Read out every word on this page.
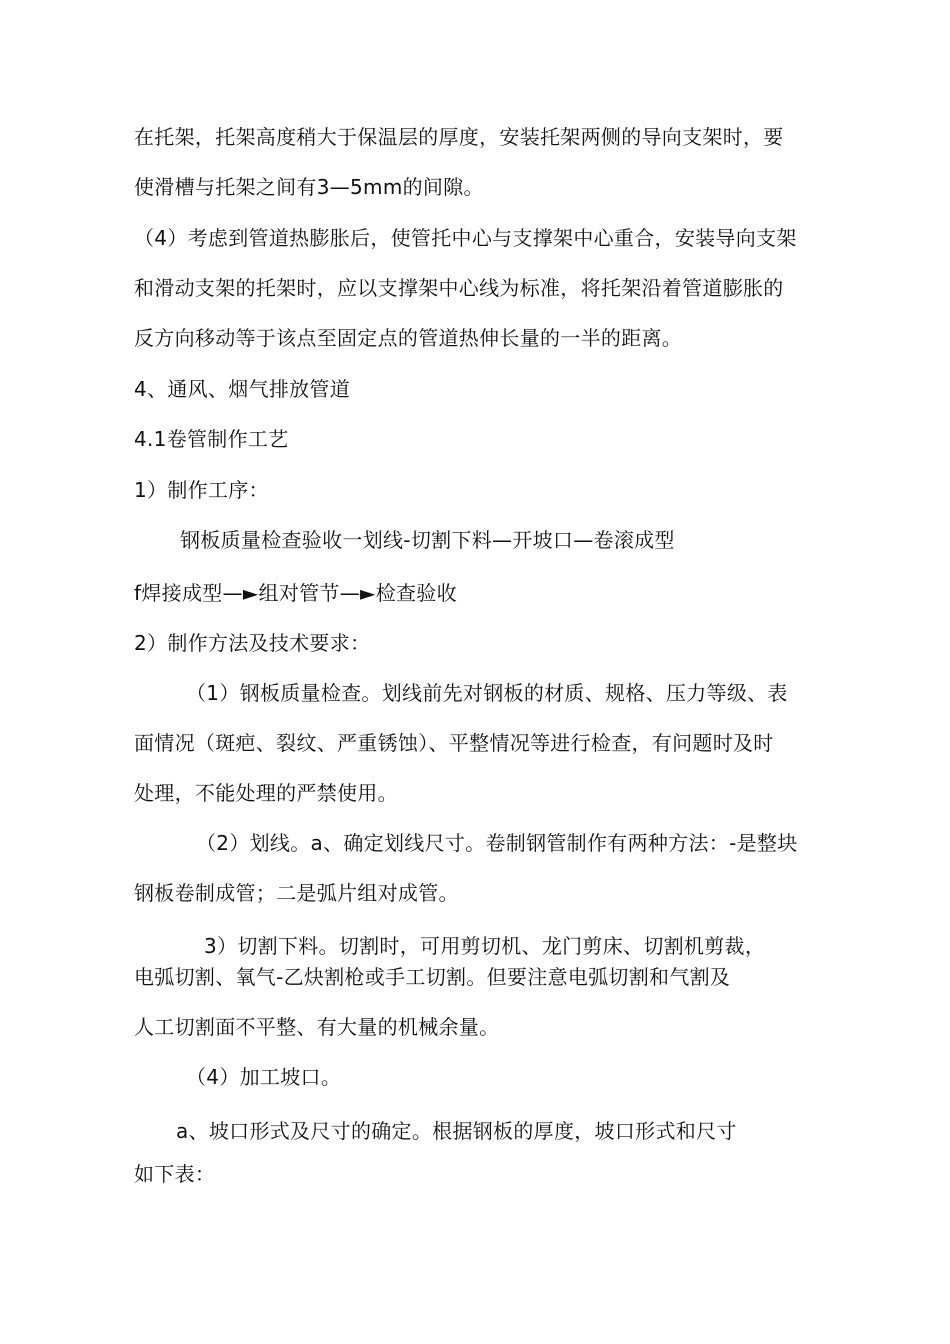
在托架，托架高度稍大于保温层的厚度，安装托架两侧的导向支架时，要
使滑槽与托架之间有3—5mm的间隙。
（4）考虑到管道热膨胀后，使管托中心与支撑架中心重合，安装导向支架
和滑动支架的托架时，应以支撑架中心线为标准，将托架沿着管道膨胀的
反方向移动等于该点至固定点的管道热伸长量的一半的距离。
4、通风、烟气排放管道
4.1卷管制作工艺
1）制作工序：
钢板质量检查验收一划线-切割下料—开坡口—卷滚成型
f焊接成型—►组对管节—►检查验收
2）制作方法及技术要求：
（1）钢板质量检查。划线前先对钢板的材质、规格、压力等级、表
面情况（斑疤、裂纹、严重锈蚀）、平整情况等进行检查，有问题时及时
处理，不能处理的严禁使用。
（2）划线。a、确定划线尺寸。卷制钢管制作有两种方法：-是整块
钢板卷制成管；二是弧片组对成管。
3）切割下料。切割时，可用剪切机、龙门剪床、切割机剪裁，
电弧切割、氧气-乙炔割枪或手工切割。但要注意电弧切割和气割及
人工切割面不平整、有大量的机械余量。
（4）加工坡口。
a、坡口形式及尺寸的确定。根据钢板的厚度，坡口形式和尺寸
如下表：
